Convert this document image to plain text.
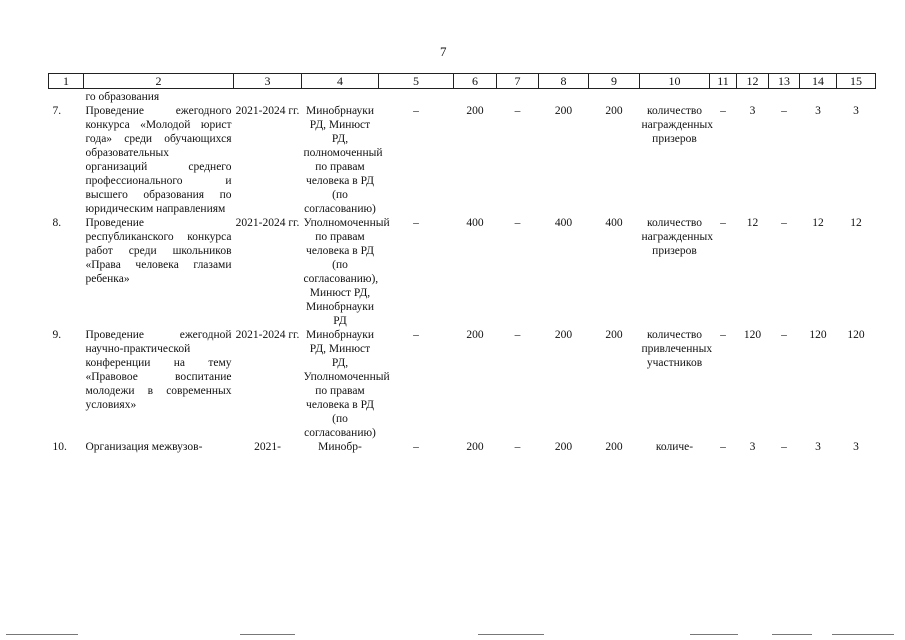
7
1	2	3	4	5	6	7	8	9	10	11	12	13	14	15
	го образования													
7.	Проведение ежегодного конкурса «Молодой юрист года» среди обучающихся образовательных организаций среднего профессионального и высшего образования по юридическим направлениям	2021-2024 гг.	Минобрнауки РД, Минюст РД, полномоченный по правам человека в РД (по согласованию)	–	200	–	200	200	количество награжденных призеров	–	3	–	3	3
8.	Проведение республиканского конкурса работ среди школьников «Права человека глазами ребенка»	2021-2024 гг.	Уполномоченный по правам человека в РД (по согласованию), Минюст РД, Минобрнауки РД	–	400	–	400	400	количество награжденных призеров	–	12	–	12	12
9.	Проведение ежегодной научно-практической конференции на тему «Правовое воспитание молодежи в современных условиях»	2021-2024 гг.	Минобрнауки РД, Минюст РД, Уполномоченный по правам человека в РД (по согласованию)	–	200	–	200	200	количество привлеченных участников	–	120	–	120	120
10.	Организация межвузов-	2021-	Минобр-	–	200	–	200	200	количе-	–	3	–	3	3
